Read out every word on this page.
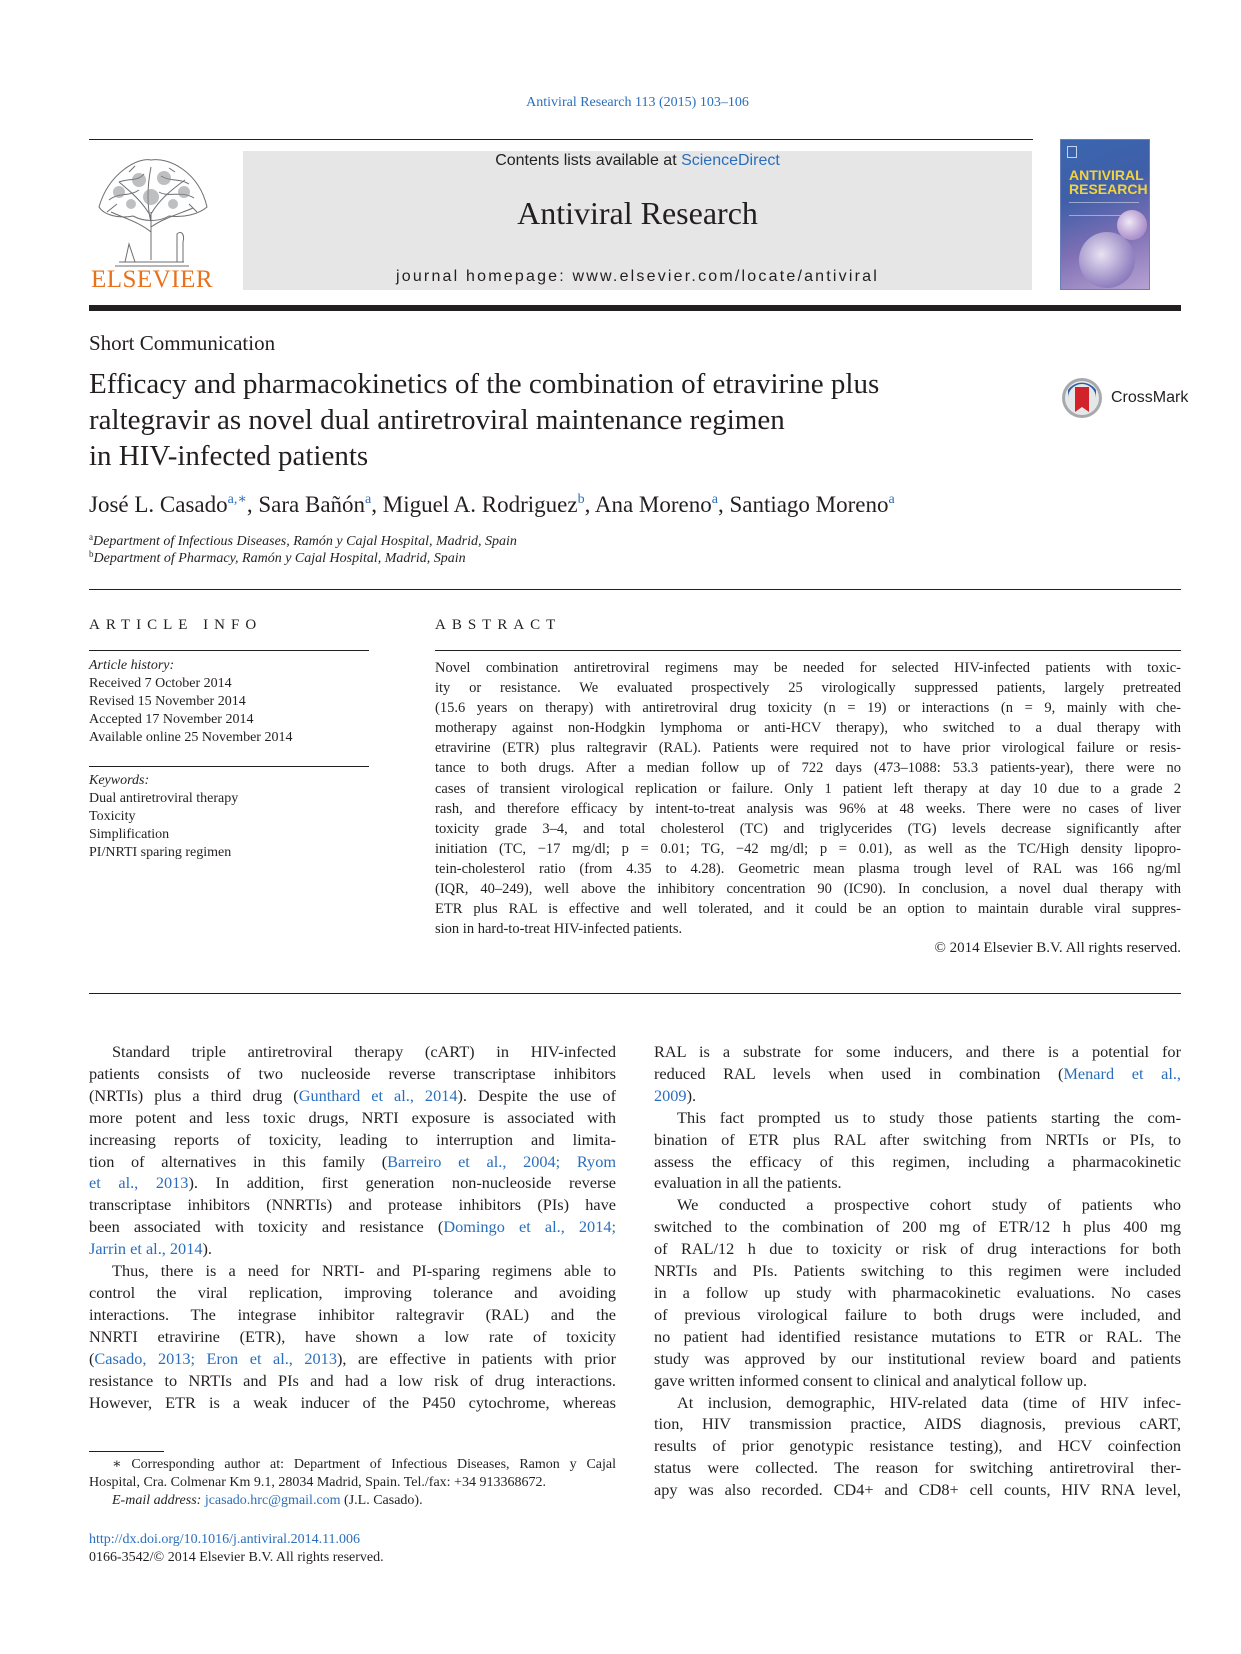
Antiviral Research 113 (2015) 103–106
ELSEVIER
Contents lists available at ScienceDirect
Antiviral Research
journal homepage: www.elsevier.com/locate/antiviral
ANTIVIRAL
RESEARCH
Short Communication
Efficacy and pharmacokinetics of the combination of etravirine plus
raltegravir as novel dual antiretroviral maintenance regimen
in HIV-infected patients
CrossMark
José L. Casado$^{a,∗}$, Sara Bañón$^a$, Miguel A. Rodriguez$^b$, Ana Moreno$^a$, Santiago Moreno$^a$
$^a$Department of Infectious Diseases, Ramón y Cajal Hospital, Madrid, Spain
$^b$Department of Pharmacy, Ramón y Cajal Hospital, Madrid, Spain
ARTICLE INFO	ABSTRACT
Article history:
Received 7 October 2014
Revised 15 November 2014
Accepted 17 November 2014
Available online 25 November 2014
Keywords:
Dual antiretroviral therapy
Toxicity
Simplification
PI/NRTI sparing regimen

Novel combination antiretroviral regimens may be needed for selected HIV-infected patients with toxic-

ity or resistance. We evaluated prospectively 25 virologically suppressed patients, largely pretreated

(15.6 years on therapy) with antiretroviral drug toxicity (n = 19) or interactions (n = 9, mainly with che-

motherapy against non-Hodgkin lymphoma or anti-HCV therapy), who switched to a dual therapy with

etravirine (ETR) plus raltegravir (RAL). Patients were required not to have prior virological failure or resis-

tance to both drugs. After a median follow up of 722 days (473–1088: 53.3 patients-year), there were no

cases of transient virological replication or failure. Only 1 patient left therapy at day 10 due to a grade 2

rash, and therefore efficacy by intent-to-treat analysis was 96% at 48 weeks. There were no cases of liver

toxicity grade 3–4, and total cholesterol (TC) and triglycerides (TG) levels decrease significantly after

initiation (TC, −17 mg/dl; p = 0.01; TG, −42 mg/dl; p = 0.01), as well as the TC/High density lipopro-

tein-cholesterol ratio (from 4.35 to 4.28). Geometric mean plasma trough level of RAL was 166 ng/ml

(IQR, 40–249), well above the inhibitory concentration 90 (IC90). In conclusion, a novel dual therapy with

ETR plus RAL is effective and well tolerated, and it could be an option to maintain durable viral suppres-

sion in hard-to-treat HIV-infected patients.

© 2014 Elsevier B.V. All rights reserved.

Standard triple antiretroviral therapy (cART) in HIV-infected

patients consists of two nucleoside reverse transcriptase inhibitors

(NRTIs) plus a third drug (Gunthard et al., 2014). Despite the use of

more potent and less toxic drugs, NRTI exposure is associated with

increasing reports of toxicity, leading to interruption and limita-

tion of alternatives in this family (Barreiro et al., 2004; Ryom

et al., 2013). In addition, first generation non-nucleoside reverse

transcriptase inhibitors (NNRTIs) and protease inhibitors (PIs) have

been associated with toxicity and resistance (Domingo et al., 2014;

Jarrin et al., 2014).

Thus, there is a need for NRTI- and PI-sparing regimens able to

control the viral replication, improving tolerance and avoiding

interactions. The integrase inhibitor raltegravir (RAL) and the

NNRTI etravirine (ETR), have shown a low rate of toxicity

(Casado, 2013; Eron et al., 2013), are effective in patients with prior

resistance to NRTIs and PIs and had a low risk of drug interactions.

However, ETR is a weak inducer of the P450 cytochrome, whereas

RAL is a substrate for some inducers, and there is a potential for

reduced RAL levels when used in combination (Menard et al.,

2009).

This fact prompted us to study those patients starting the com-

bination of ETR plus RAL after switching from NRTIs or PIs, to

assess the efficacy of this regimen, including a pharmacokinetic

evaluation in all the patients.

We conducted a prospective cohort study of patients who

switched to the combination of 200 mg of ETR/12 h plus 400 mg

of RAL/12 h due to toxicity or risk of drug interactions for both

NRTIs and PIs. Patients switching to this regimen were included

in a follow up study with pharmacokinetic evaluations. No cases

of previous virological failure to both drugs were included, and

no patient had identified resistance mutations to ETR or RAL. The

study was approved by our institutional review board and patients

gave written informed consent to clinical and analytical follow up.

At inclusion, demographic, HIV-related data (time of HIV infec-

tion, HIV transmission practice, AIDS diagnosis, previous cART,

results of prior genotypic resistance testing), and HCV coinfection

status were collected. The reason for switching antiretroviral ther-

apy was also recorded. CD4+ and CD8+ cell counts, HIV RNA level,

∗ Corresponding author at: Department of Infectious Diseases, Ramon y Cajal

Hospital, Cra. Colmenar Km 9.1, 28034 Madrid, Spain. Tel./fax: +34 913368672.

E-mail address: jcasado.hrc@gmail.com (J.L. Casado).

http://dx.doi.org/10.1016/j.antiviral.2014.11.006
0166-3542/© 2014 Elsevier B.V. All rights reserved.
